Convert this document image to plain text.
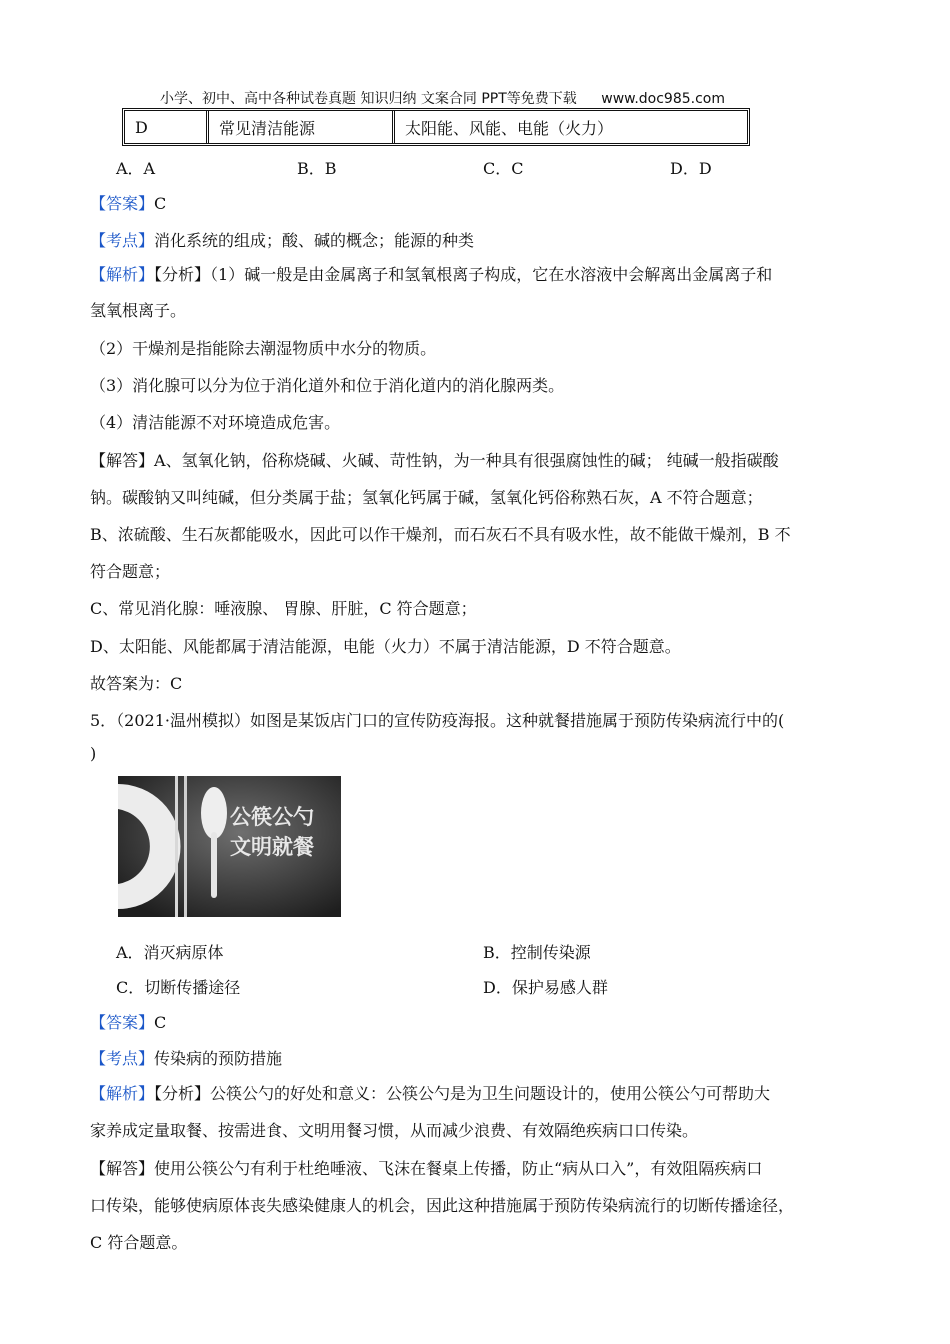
小学、初中、高中各种试卷真题 知识归纳 文案合同 PPT等免费下载 www.doc985.com
D	常见清洁能源	太阳能、风能、电能（火力）
A．A	B．B	C．C	D．D
【答案】C
【考点】消化系统的组成；酸、碱的概念；能源的种类
【解析】【分析】（1）碱一般是由金属离子和氢氧根离子构成，它在水溶液中会解离出金属离子和
氢氧根离子。
（2）干燥剂是指能除去潮湿物质中水分的物质。
（3）消化腺可以分为位于消化道外和位于消化道内的消化腺两类。
（4）清洁能源不对环境造成危害。
【解答】A、氢氧化钠，俗称烧碱、火碱、苛性钠，为一种具有很强腐蚀性的碱； 纯碱一般指碳酸
钠。碳酸钠又叫纯碱，但分类属于盐；氢氧化钙属于碱，氢氧化钙俗称熟石灰，A 不符合题意；
B、浓硫酸、生石灰都能吸水，因此可以作干燥剂，而石灰石不具有吸水性，故不能做干燥剂，B 不
符合题意；
C、常见消化腺：唾液腺、 胃腺、肝脏，C 符合题意；
D、太阳能、风能都属于清洁能源，电能（火力）不属于清洁能源，D 不符合题意。
故答案为：C
5．（2021·温州模拟）如图是某饭店门口的宣传防疫海报。这种就餐措施属于预防传染病流行中的(
)
公筷公勺
文明就餐
A．消灭病原体	B．控制传染源
C．切断传播途径	D．保护易感人群
【答案】C
【考点】传染病的预防措施
【解析】【分析】公筷公勺的好处和意义：公筷公勺是为卫生问题设计的，使用公筷公勺可帮助大
家养成定量取餐、按需进食、文明用餐习惯，从而减少浪费、有效隔绝疾病口口传染。
【解答】使用公筷公勺有利于杜绝唾液、飞沫在餐桌上传播，防止“病从口入”，有效阻隔疾病口
口传染，能够使病原体丧失感染健康人的机会，因此这种措施属于预防传染病流行的切断传播途径，
C 符合题意。
